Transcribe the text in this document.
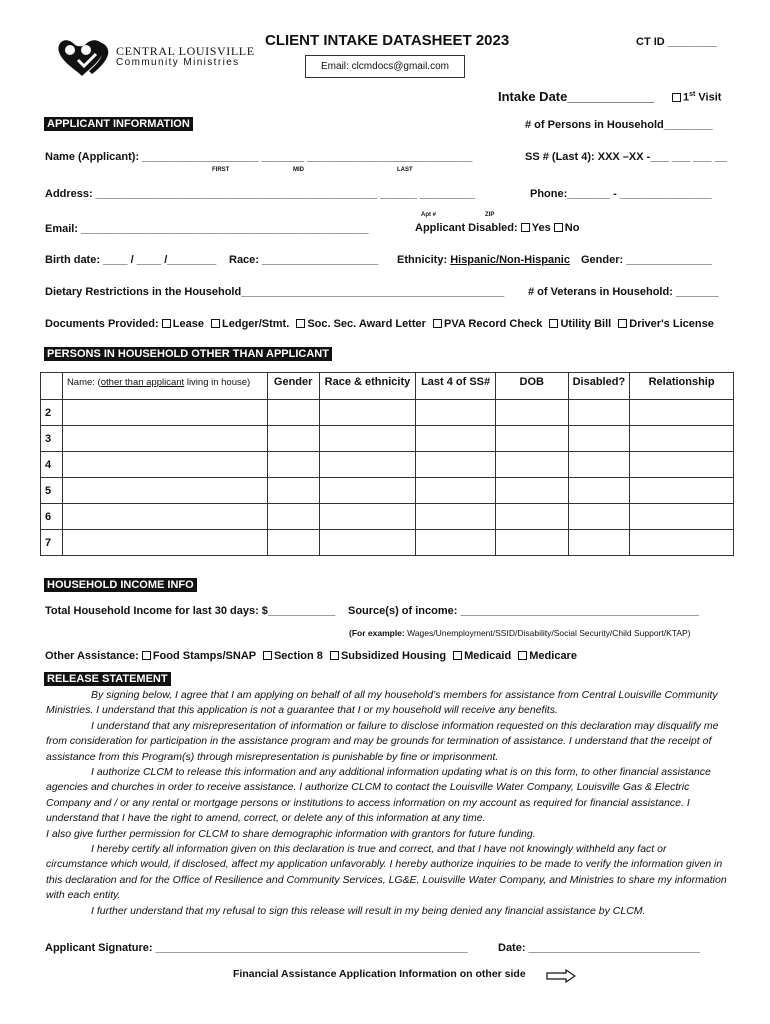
CENTRAL LOUISVILLE
Community Ministries
CLIENT INTAKE DATASHEET 2023	CT ID ________
Email: clcmdocs@gmail.com
Intake Date____________	1st Visit
APPLICANT INFORMATION	# of Persons in Household________
Name (Applicant): ___________________ _______ ___________________________
FIRST	MID	LAST
SS # (Last 4): XXX –XX -___ ___ ___ __
Address: ______________________________________________ ______ _________
Apt #	ZIP
Phone:_______ - _______________
Email: _______________________________________________	Applicant Disabled: Yes No
Birth date: ____ / ____ /________ Race: ___________________ Ethnicity: Hispanic/Non-Hispanic Gender: ______________
Dietary Restrictions in the Household___________________________________________ # of Veterans in Household: _______
Documents Provided: Lease Ledger/Stmt. Soc. Sec. Award Letter PVA Record Check Utility Bill Driver's License
PERSONS IN HOUSEHOLD OTHER THAN APPLICANT
	Name: (other than applicant living in house)	Gender	Race & ethnicity	Last 4 of SS#	DOB	Disabled?	Relationship
2							
3							
4							
5							
6							
7							
HOUSEHOLD INCOME INFO
Total Household Income for last 30 days: $___________ Source(s) of income: _______________________________________
(For example: Wages/Unemployment/SSID/Disability/Social Security/Child Support/KTAP)
Other Assistance: Food Stamps/SNAP Section 8 Subsidized Housing Medicaid Medicare
RELEASE STATEMENT

By signing below, I agree that I am applying on behalf of all my household’s members for assistance from Central Louisville Community Ministries. I understand that this application is not a guarantee that I or my household will receive any benefits.

I understand that any misrepresentation of information or failure to disclose information requested on this declaration may disqualify me from consideration for participation in the assistance program and may be grounds for termination of assistance. I understand that the receipt of assistance from this Program(s) through misrepresentation is punishable by fine or imprisonment.

I authorize CLCM to release this information and any additional information updating what is on this form, to other financial assistance agencies and churches in order to receive assistance. I authorize CLCM to contact the Louisville Water Company, Louisville Gas & Electric Company and / or any rental or mortgage persons or institutions to access information on my account as required for financial assistance. I understand that I have the right to amend, correct, or delete any of this information at any time.

I also give further permission for CLCM to share demographic information with grantors for future funding.

I hereby certify all information given on this declaration is true and correct, and that I have not knowingly withheld any fact or circumstance which would, if disclosed, affect my application unfavorably. I hereby authorize inquiries to be made to verify the information given in this declaration and for the Office of Resilience and Community Services, LG&E, Louisville Water Company, and Ministries to share my information with each entity.

I further understand that my refusal to sign this release will result in my being denied any financial assistance by CLCM.

Applicant Signature: ___________________________________________________	Date: ____________________________
Financial Assistance Application Information on other side
